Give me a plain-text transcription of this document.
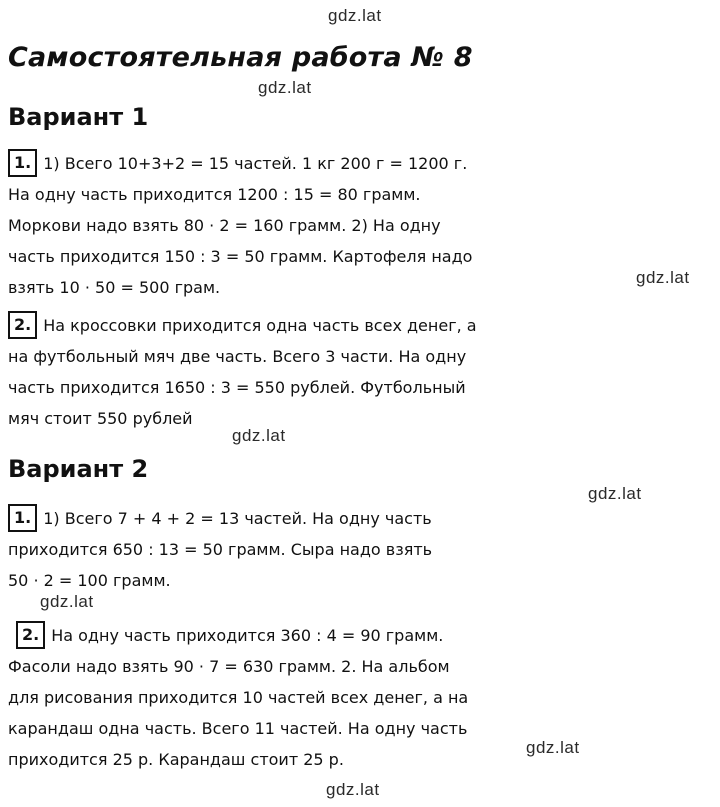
gdz.lat
gdz.lat
gdz.lat
gdz.lat
gdz.lat
gdz.lat
gdz.lat
gdz.lat
Самостоятельная работа № 8
Вариант 1
1. 1) Всего 10+3+2 = 15 частей. 1 кг 200 г = 1200 г.
На одну часть приходится 1200 : 15 = 80 грамм.
Моркови надо взять 80 · 2 = 160 грамм. 2) На одну
часть приходится 150 : 3 = 50 грамм. Картофеля надо
взять 10 · 50 = 500 грам.
2. На кроссовки приходится одна часть всех денег, а
на футбольный мяч две часть. Всего 3 части. На одну
часть приходится 1650 : 3 = 550 рублей. Футбольный
мяч стоит 550 рублей
Вариант 2
1. 1) Всего 7 + 4 + 2 = 13 частей. На одну часть
приходится 650 : 13 = 50 грамм. Сыра надо взять
50 · 2 = 100 грамм.
2. На одну часть приходится 360 : 4 = 90 грамм.
Фасоли надо взять 90 · 7 = 630 грамм. 2. На альбом
для рисования приходится 10 частей всех денег, а на
карандаш одна часть. Всего 11 частей. На одну часть
приходится 25 р. Карандаш стоит 25 р.
